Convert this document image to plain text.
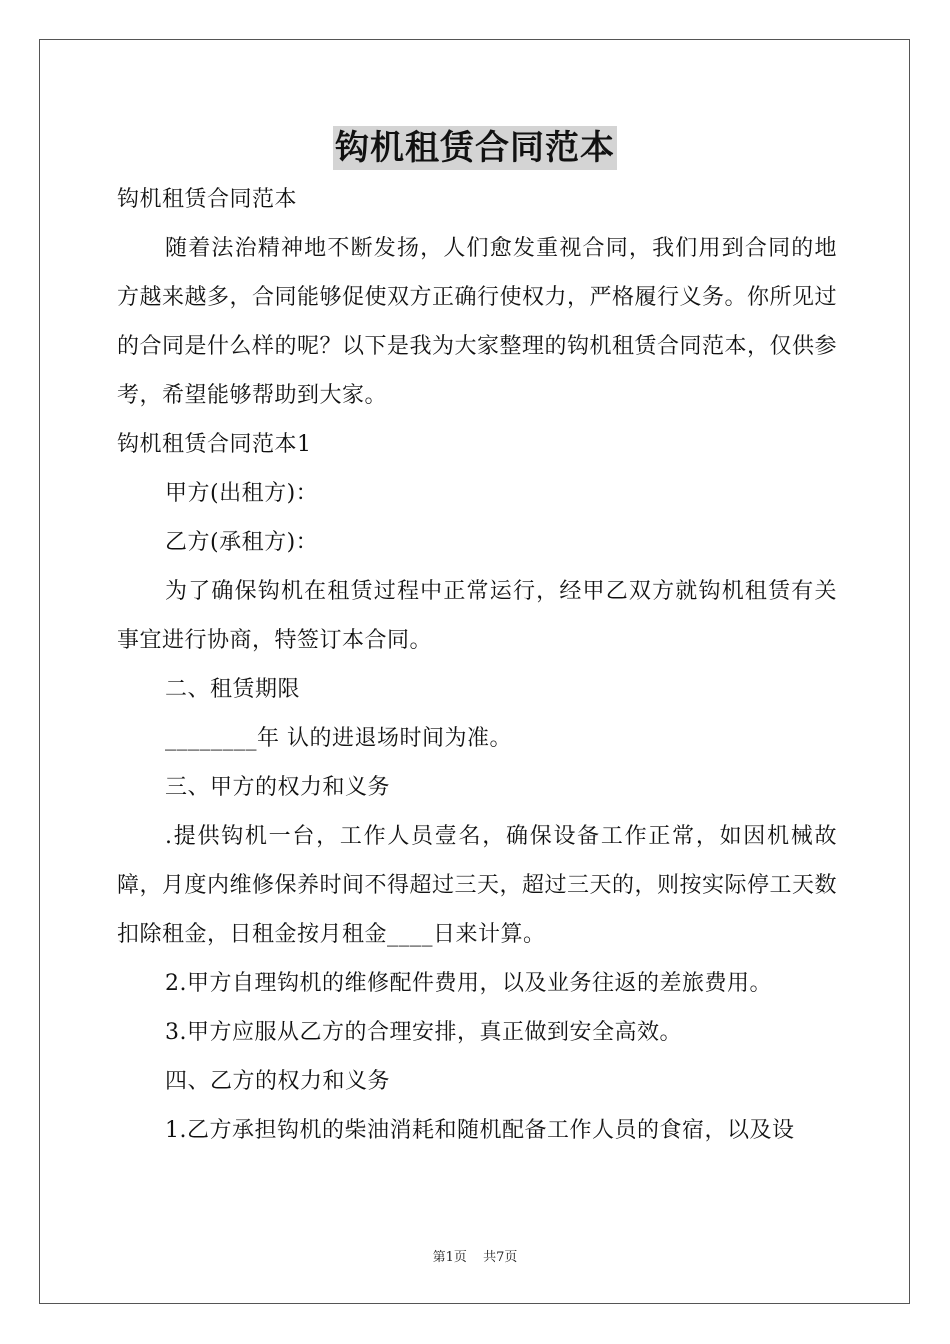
钩机租赁合同范本

钩机租赁合同范本

随着法治精神地不断发扬，人们愈发重视合同，我们用到合同的地方越来越多，合同能够促使双方正确行使权力，严格履行义务。你所见过的合同是什么样的呢？以下是我为大家整理的钩机租赁合同范本，仅供参考，希望能够帮助到大家。

钩机租赁合同范本1

甲方(出租方)：

乙方(承租方)：

为了确保钩机在租赁过程中正常运行，经甲乙双方就钩机租赁有关事宜进行协商，特签订本合同。

二、租赁期限

________年 认的进退场时间为准。

三、甲方的权力和义务

.提供钩机一台，工作人员壹名，确保设备工作正常，如因机械故障，月度内维修保养时间不得超过三天，超过三天的，则按实际停工天数扣除租金，日租金按月租金____日来计算。

2.甲方自理钩机的维修配件费用，以及业务往返的差旅费用。

3.甲方应服从乙方的合理安排，真正做到安全高效。

四、乙方的权力和义务

1.乙方承担钩机的柴油消耗和随机配备工作人员的食宿，以及设

第1页 共7页
